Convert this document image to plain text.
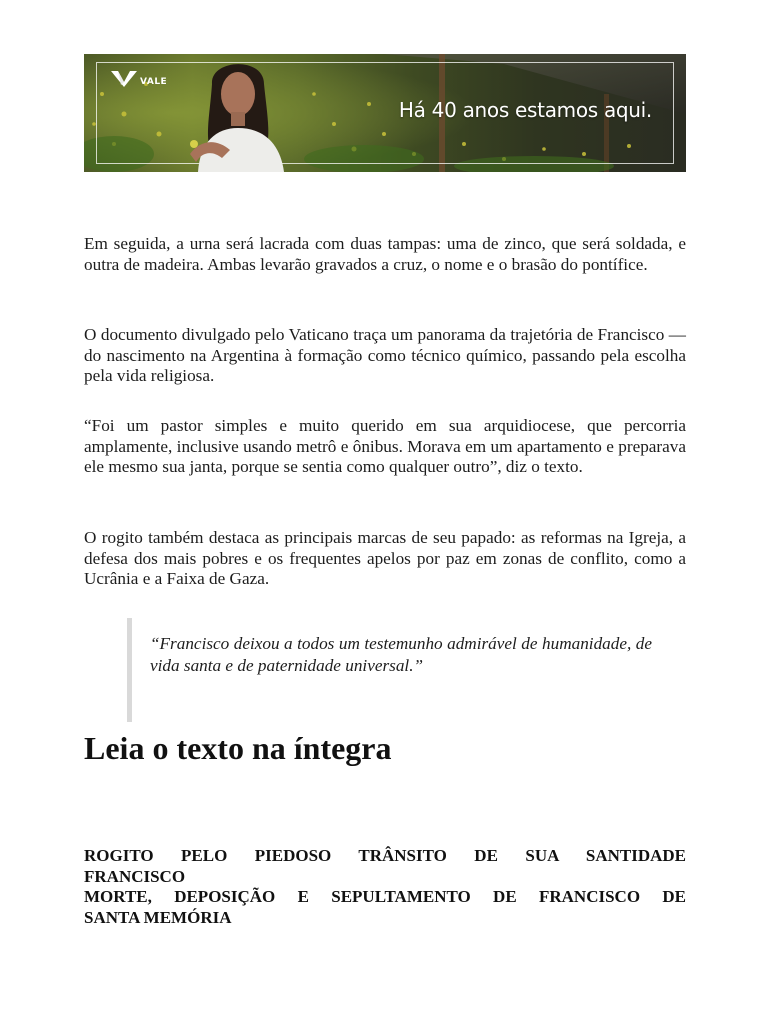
VALE
Há 40 anos estamos aqui.

Em seguida, a urna será lacrada com duas tampas: uma de zinco, que será soldada, e outra de madeira. Ambas levarão gravados a cruz, o nome e o brasão do pontífice.

O documento divulgado pelo Vaticano traça um panorama da trajetória de Francisco — do nascimento na Argentina à formação como técnico químico, passando pela escolha pela vida religiosa.

“Foi um pastor simples e muito querido em sua arquidiocese, que percorria amplamente, inclusive usando metrô e ônibus. Morava em um apartamento e preparava ele mesmo sua janta, porque se sentia como qualquer outro”, diz o texto.

O rogito também destaca as principais marcas de seu papado: as reformas na Igreja, a defesa dos mais pobres e os frequentes apelos por paz em zonas de conflito, como a Ucrânia e a Faixa de Gaza.

“Francisco deixou a todos um testemunho admirável de humanidade, de vida santa e de paternidade universal.”

Leia o texto na íntegra
ROGITO PELO PIEDOSO TRÂNSITO DE SUA SANTIDADE
FRANCISCO
MORTE, DEPOSIÇÃO E SEPULTAMENTO DE FRANCISCO DE
SANTA MEMÓRIA
